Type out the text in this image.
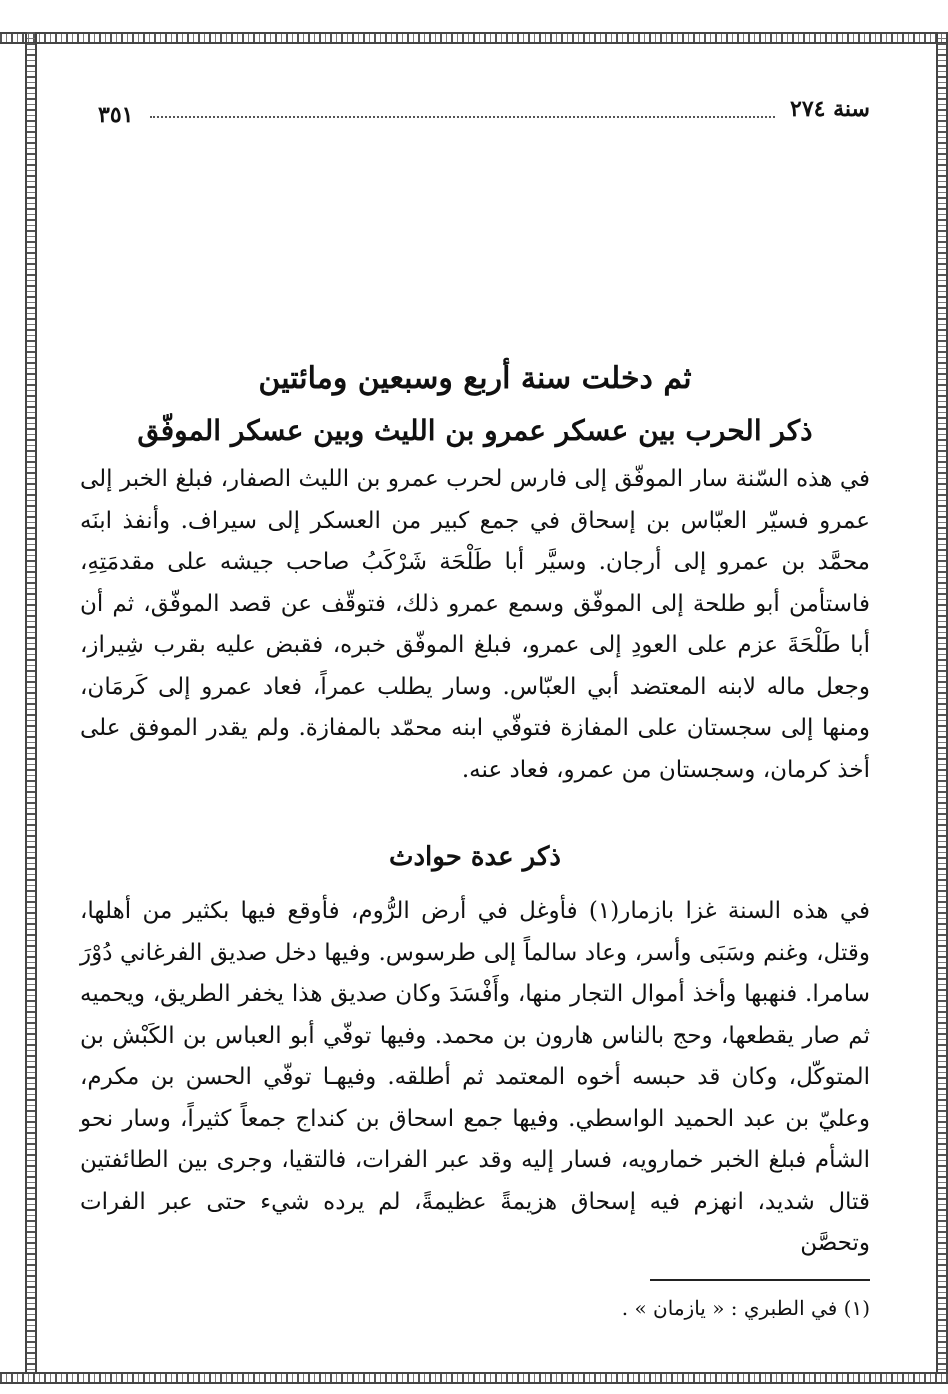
سنة ٢٧٤
٣٥١
ثم دخلت سنة أربع وسبعين ومائتين
ذكر الحرب بين عسكر عمرو بن الليث وبين عسكر الموفّق

في هذه السّنة سار الموفّق إلى فارس لحرب عمرو بن الليث الصفار، فبلغ الخبر إلى عمرو فسيّر العبّاس بن إسحاق في جمع كبير من العسكر إلى سيراف. وأنفذ ابنَه محمَّد بن عمرو إلى أرجان. وسيَّر أبا طَلْحَة شَرْكَبُ صاحب جيشه على مقدمَتِهِ، فاستأمن أبو طلحة إلى الموفّق وسمع عمرو ذلك، فتوقّف عن قصد الموفّق، ثم أن أبا طَلْحَةَ عزم على العودِ إلى عمرو، فبلغ الموفّق خبره، فقبض عليه بقرب شِيراز، وجعل ماله لابنه المعتضد أبي العبّاس. وسار يطلب عمراً، فعاد عمرو إلى كَرمَان، ومنها إلى سجستان على المفازة فتوفّي ابنه محمّد بالمفازة. ولم يقدر الموفق على أخذ كرمان، وسجستان من عمرو، فعاد عنه.

ذكر عدة حوادث

في هذه السنة غزا بازمار(١) فأوغل في أرض الرُّوم، فأوقع فيها بكثير من أهلها، وقتل، وغنم وسَبَى وأسر، وعاد سالماً إلى طرسوس. وفيها دخل صديق الفرغاني دُوْرَ سامرا. فنهبها وأخذ أموال التجار منها، وأَفْسَدَ وكان صديق هذا يخفر الطريق، ويحميه ثم صار يقطعها، وحج بالناس هارون بن محمد. وفيها توفّي أبو العباس بن الكَبْش بن المتوكّل، وكان قد حبسه أخوه المعتمد ثم أطلقه. وفيهـا توفّي الحسن بن مكرم، وعليّ بن عبد الحميد الواسطي. وفيها جمع اسحاق بن كنداج جمعاً كثيراً، وسار نحو الشأم فبلغ الخبر خمارويه، فسار إليه وقد عبر الفرات، فالتقيا، وجرى بين الطائفتين قتال شديد، انهزم فيه إسحاق هزيمةً عظيمةً، لم يرده شيء حتى عبر الفرات وتحصَّن

(١) في الطبري : « يازمان » .
